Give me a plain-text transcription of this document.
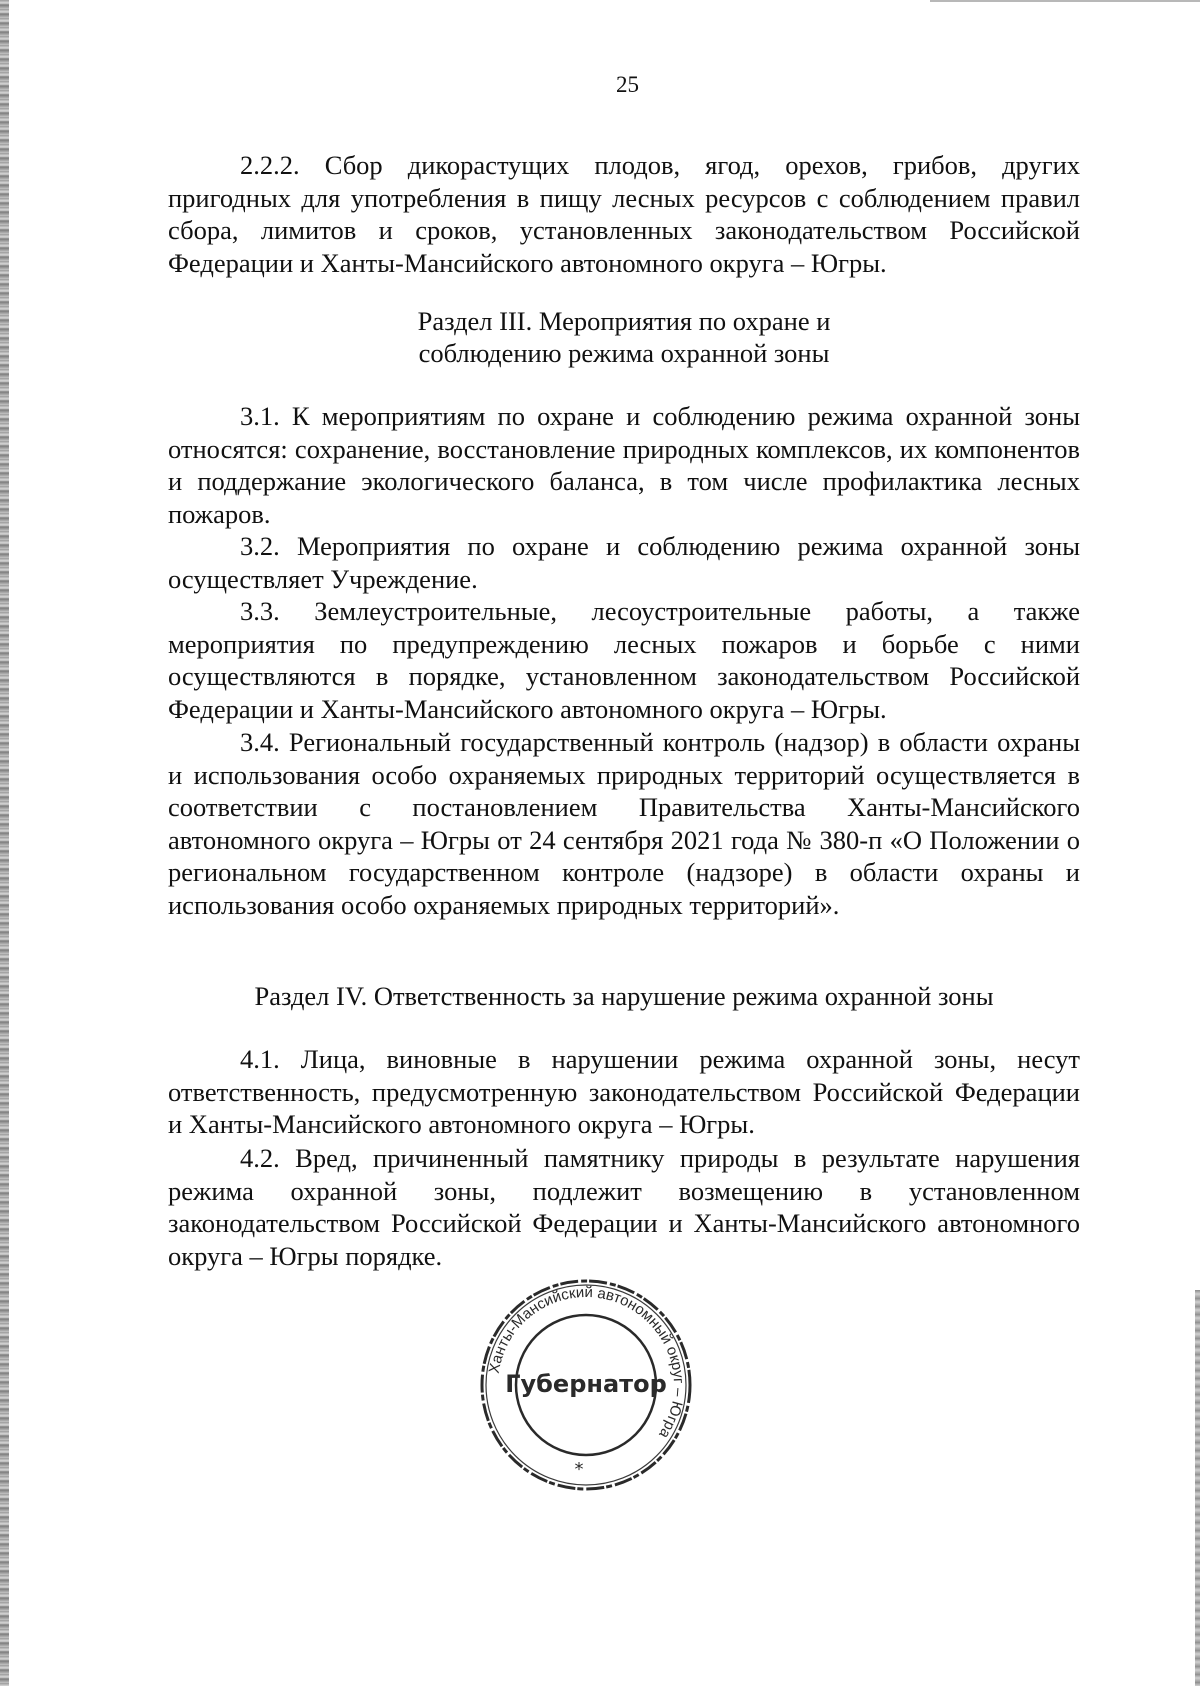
25

2.2.2. Сбор дикорастущих плодов, ягод, орехов, грибов, других пригодных для употребления в пищу лесных ресурсов с соблюдением правил сбора, лимитов и сроков, установленных законодательством Российской Федерации и Ханты-Мансийского автономного округа – Югры.

Раздел III. Мероприятия по охране и

соблюдению режима охранной зоны

3.1. К мероприятиям по охране и соблюдению режима охранной зоны относятся: сохранение, восстановление природных комплексов, их компонентов и поддержание экологического баланса, в том числе профилактика лесных пожаров.

3.2. Мероприятия по охране и соблюдению режима охранной зоны осуществляет Учреждение.

3.3. Землеустроительные, лесоустроительные работы, а также мероприятия по предупреждению лесных пожаров и борьбе с ними осуществляются в порядке, установленном законодательством Российской Федерации и Ханты-Мансийского автономного округа – Югры.

3.4. Региональный государственный контроль (надзор) в области охраны и использования особо охраняемых природных территорий осуществляется в соответствии с постановлением Правительства Ханты-Мансийского автономного округа – Югры от 24 сентября 2021 года № 380-п «О Положении о региональном государственном контроле (надзоре) в области охраны и использования особо охраняемых природных территорий».

Раздел IV. Ответственность за нарушение режима охранной зоны

4.1. Лица, виновные в нарушении режима охранной зоны, несут ответственность, предусмотренную законодательством Российской Федерации и Ханты-Мансийского автономного округа – Югры.

4.2. Вред, причиненный памятнику природы в результате нарушения режима охранной зоны, подлежит возмещению в установленном законодательством Российской Федерации и Ханты-Мансийского автономного округа – Югры порядке.

Ханты-Мансийский автономный округ – Югра
Губернатор
*
